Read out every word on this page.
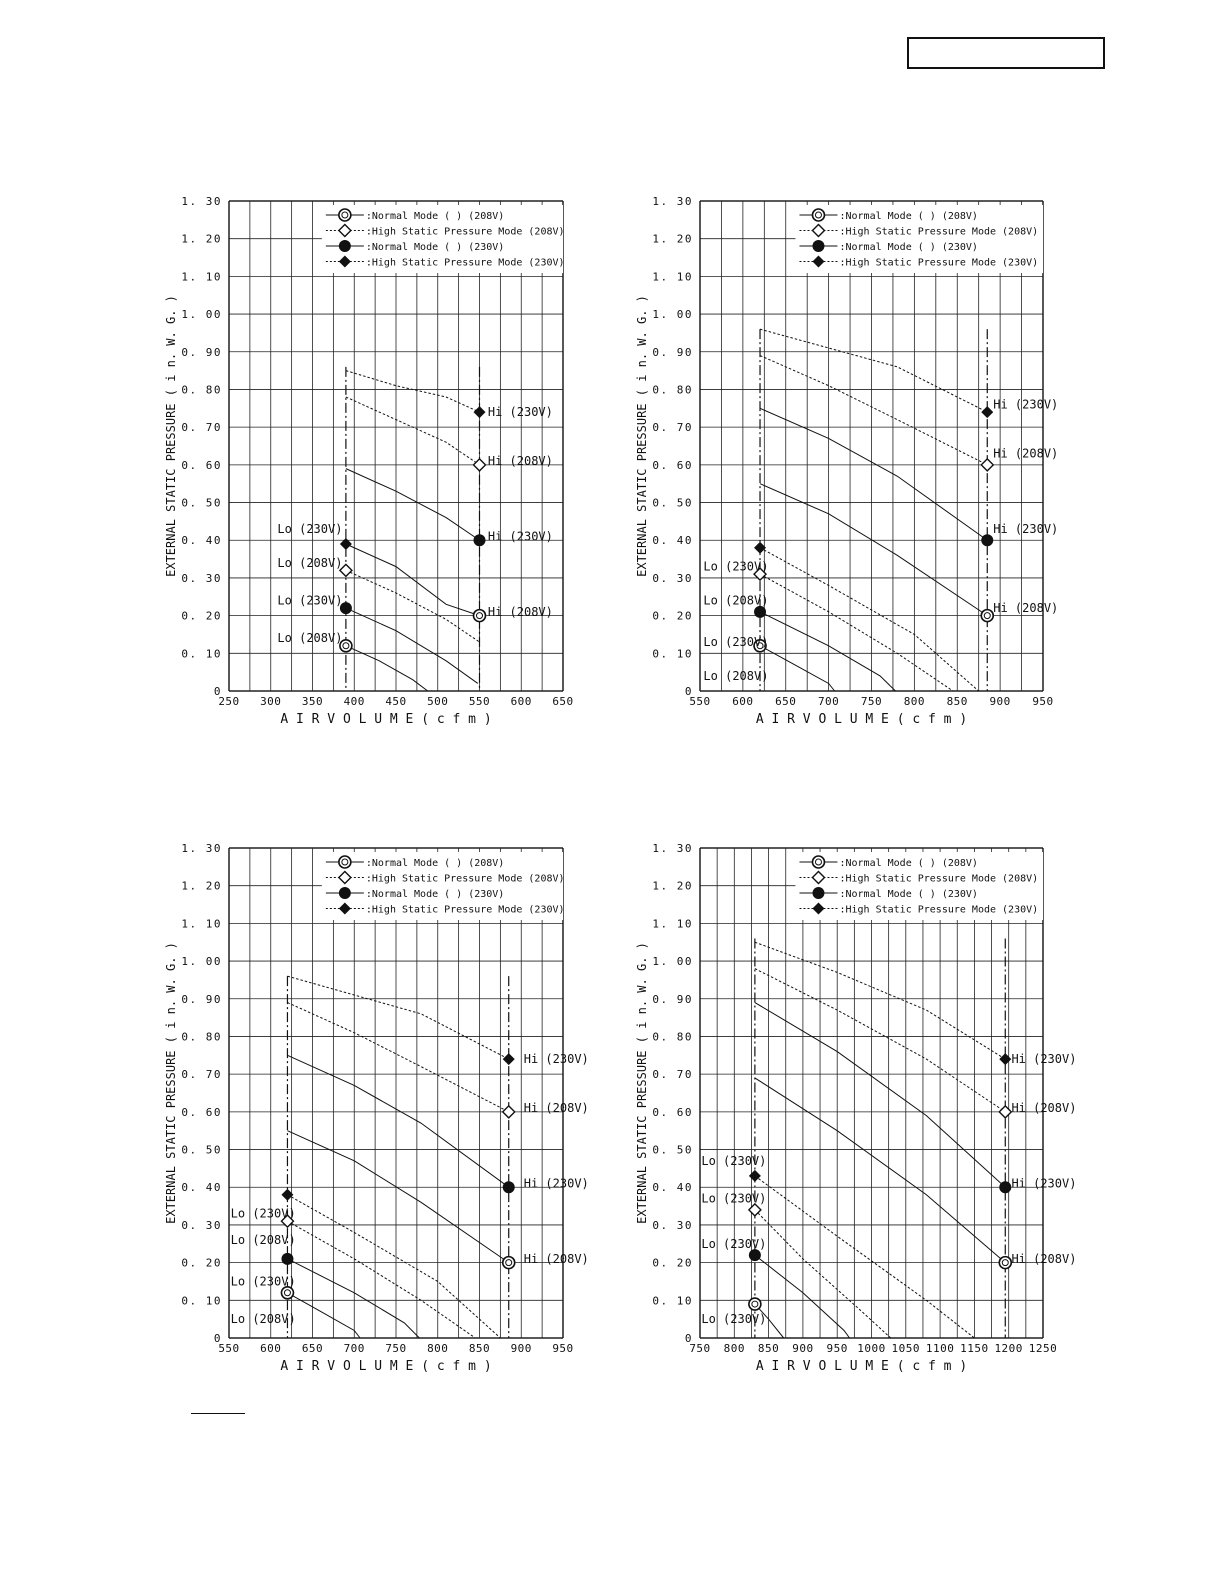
0
0. 10
0. 20
0. 30
0. 40
0. 50
0. 60
0. 70
0. 80
0. 90
1. 00
1. 10
1. 20
1. 30
250 300 350 400 450 500 550 600 650
A I R V O L U M E ( c f m )
EXTERNAL STATIC PRESSURE ( i n. W. G. )
:Normal Mode ( ) (208V)
:High Static Pressure Mode (208V)
:Normal Mode ( ) (230V)
:High Static Pressure Mode (230V)
Hi (230V)
Hi (208V)
Hi (230V)
Hi (208V)
Lo (230V)
Lo (208V)
Lo (230V)
Lo (208V)
0
0. 10
0. 20
0. 30
0. 40
0. 50
0. 60
0. 70
0. 80
0. 90
1. 00
1. 10
1. 20
1. 30
550 600 650 700 750 800 850 900 950
A I R V O L U M E ( c f m )
EXTERNAL STATIC PRESSURE ( i n. W. G. )
:Normal Mode ( ) (208V)
:High Static Pressure Mode (208V)
:Normal Mode ( ) (230V)
:High Static Pressure Mode (230V)
Hi (230V)
Hi (208V)
Hi (230V)
Hi (208V)
Lo (230V)
Lo (208V)
Lo (230V)
Lo (208V)
0
0. 10
0. 20
0. 30
0. 40
0. 50
0. 60
0. 70
0. 80
0. 90
1. 00
1. 10
1. 20
1. 30
550 600 650 700 750 800 850 900 950
A I R V O L U M E ( c f m )
EXTERNAL STATIC PRESSURE ( i n. W. G. )
:Normal Mode ( ) (208V)
:High Static Pressure Mode (208V)
:Normal Mode ( ) (230V)
:High Static Pressure Mode (230V)
Hi (230V)
Hi (208V)
Hi (230V)
Hi (208V)
Lo (230V)
Lo (208V)
Lo (230V)
Lo (208V)
0
0. 10
0. 20
0. 30
0. 40
0. 50
0. 60
0. 70
0. 80
0. 90
1. 00
1. 10
1. 20
1. 30
750 800 850 900 950 1000 1050 1100 1150 1200 1250
A I R V O L U M E ( c f m )
EXTERNAL STATIC PRESSURE ( i n. W. G. )
:Normal Mode ( ) (208V)
:High Static Pressure Mode (208V)
:Normal Mode ( ) (230V)
:High Static Pressure Mode (230V)
Hi (230V)
Hi (208V)
Hi (230V)
Hi (208V)
Lo (230V)
Lo (230V)
Lo (230V)
Lo (230V)
